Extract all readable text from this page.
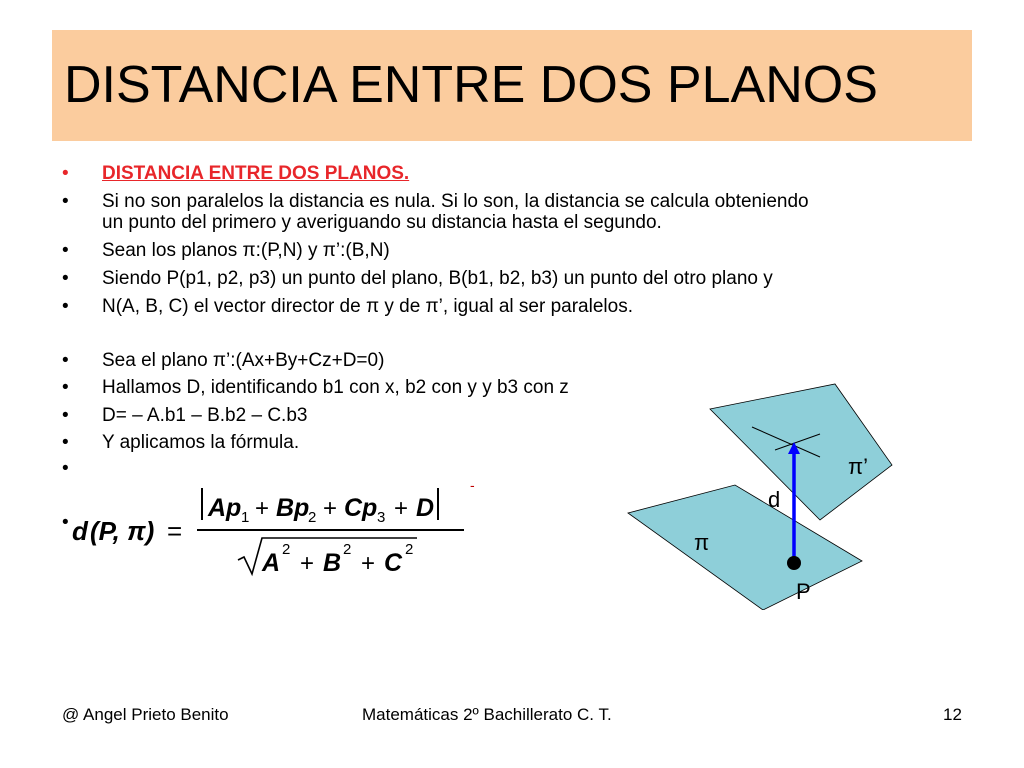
DISTANCIA ENTRE DOS PLANOS
• DISTANCIA ENTRE DOS PLANOS.
• Si no son paralelos la distancia es nula. Si lo son, la distancia se calcula obteniendo
un punto del primero y averiguando su distancia hasta el segundo.
• Sean los planos π:(P,N) y π’:(B,N)
• Siendo P(p1, p2, p3) un punto del plano, B(b1, b2, b3) un punto del otro plano y
• N(A, B, C) el vector director de π y de π’, igual al ser paralelos.
• Sea el plano π’:(Ax+By+Cz+D=0)
• Hallamos D, identificando b1 con x, b2 con y y b3 con z
• D= – A.b1 – B.b2 – C.b3
• Y aplicamos la fórmula.
•
• d (P, π) =
Ap 1 + Bp
2 + Cp 3 + D
-
A 2
+ B 2
+ C 2
π’
d
π
P
@ Angel Prieto Benito	Matemáticas 2º Bachillerato C. T.	12
